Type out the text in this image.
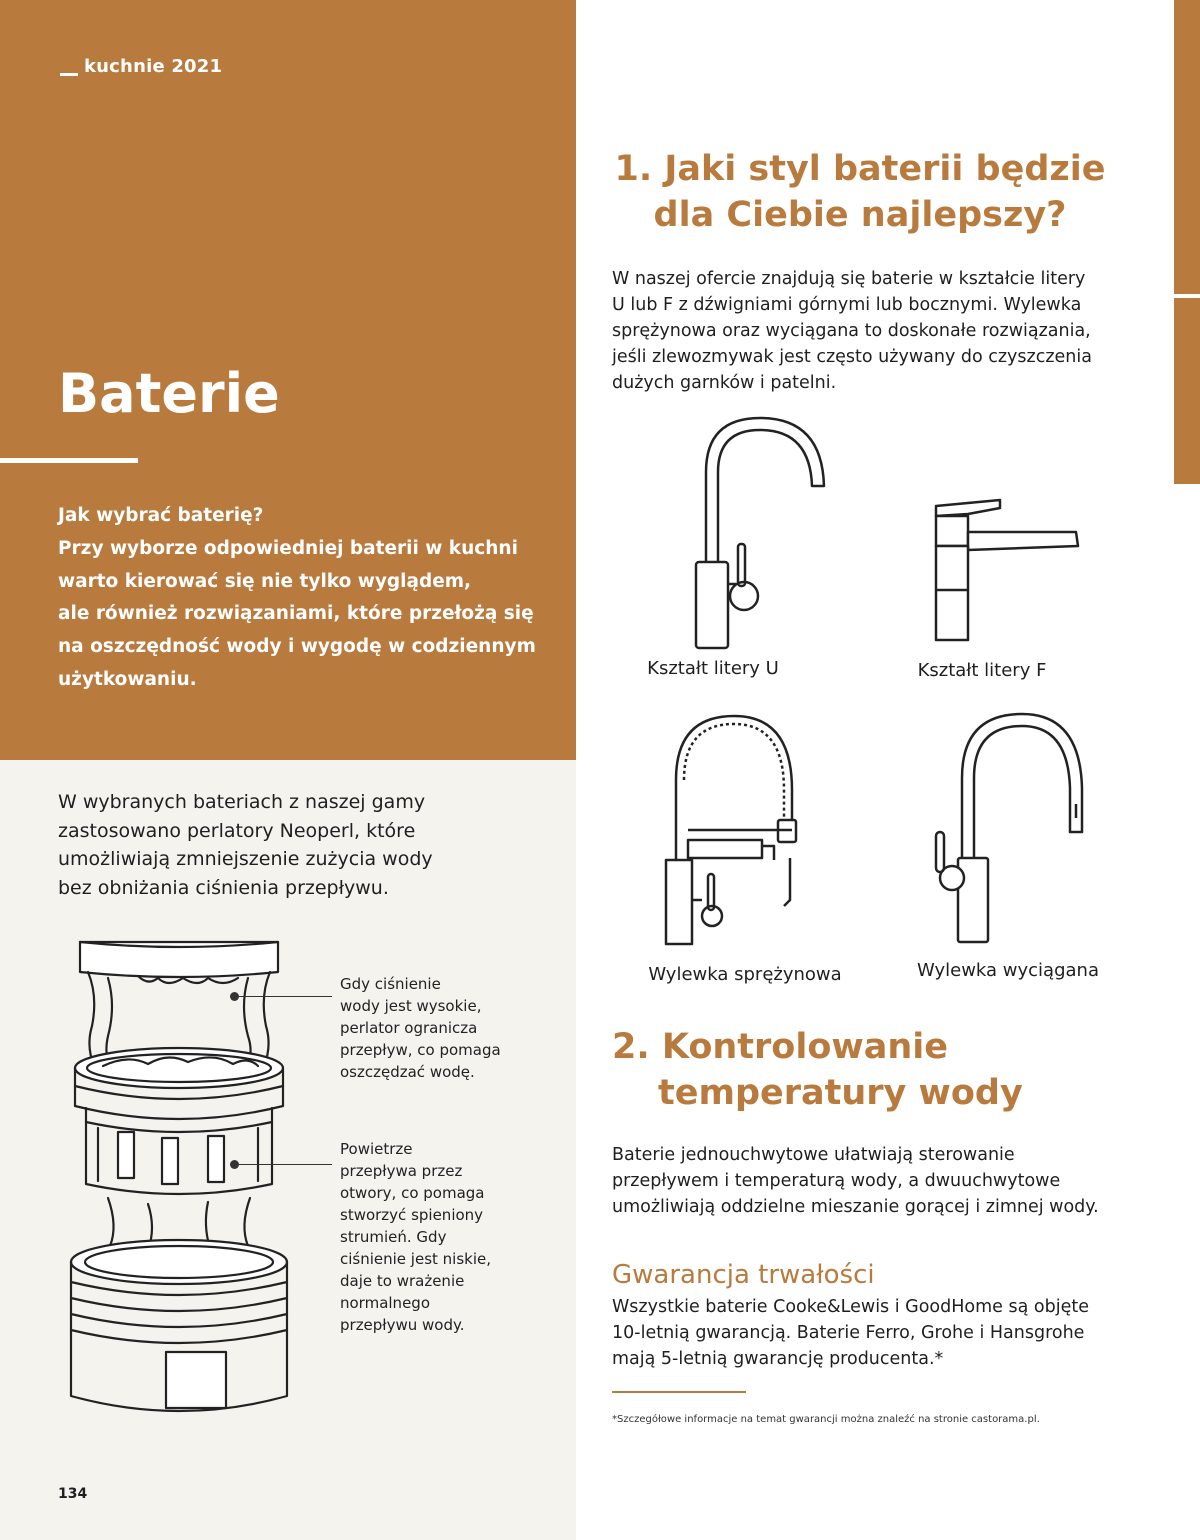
kuchnie 2021
Baterie

Jak wybrać baterię?

Przy wyborze odpowiedniej baterii w kuchni

warto kierować się nie tylko wyglądem,

ale również rozwiązaniami, które przełożą się

na oszczędność wody i wygodę w codziennym

użytkowaniu.

W wybranych bateriach z naszej gamy
zastosowano perlatory Neoperl, które
umożliwiają zmniejszenie zużycia wody
bez obniżania ciśnienia przepływu.
Gdy ciśnienie
wody jest wysokie,
perlator ogranicza
przepływ, co pomaga
oszczędzać wodę.
Powietrze
przepływa przez
otwory, co pomaga
stworzyć spieniony
strumień. Gdy
ciśnienie jest niskie,
daje to wrażenie
normalnego
przepływu wody.
134
1. Jaki styl baterii będzie
dla Ciebie najlepszy?
W naszej ofercie znajdują się baterie w kształcie litery
U lub F z dźwigniami górnymi lub bocznymi. Wylewka
sprężynowa oraz wyciągana to doskonałe rozwiązania,
jeśli zlewozmywak jest często używany do czyszczenia
dużych garnków i patelni.
Kształt litery U	Kształt litery F
Wylewka sprężynowa	Wylewka wyciągana
2. Kontrolowanie
temperatury wody
Baterie jednouchwytowe ułatwiają sterowanie
przepływem i temperaturą wody, a dwuuchwytowe
umożliwiają oddzielne mieszanie gorącej i zimnej wody.
Gwarancja trwałości
Wszystkie baterie Cooke&Lewis i GoodHome są objęte
10-letnią gwarancją. Baterie Ferro, Grohe i Hansgrohe
mają 5-letnią gwarancję producenta.*
*Szczegółowe informacje na temat gwarancji można znaleźć na stronie castorama.pl.
